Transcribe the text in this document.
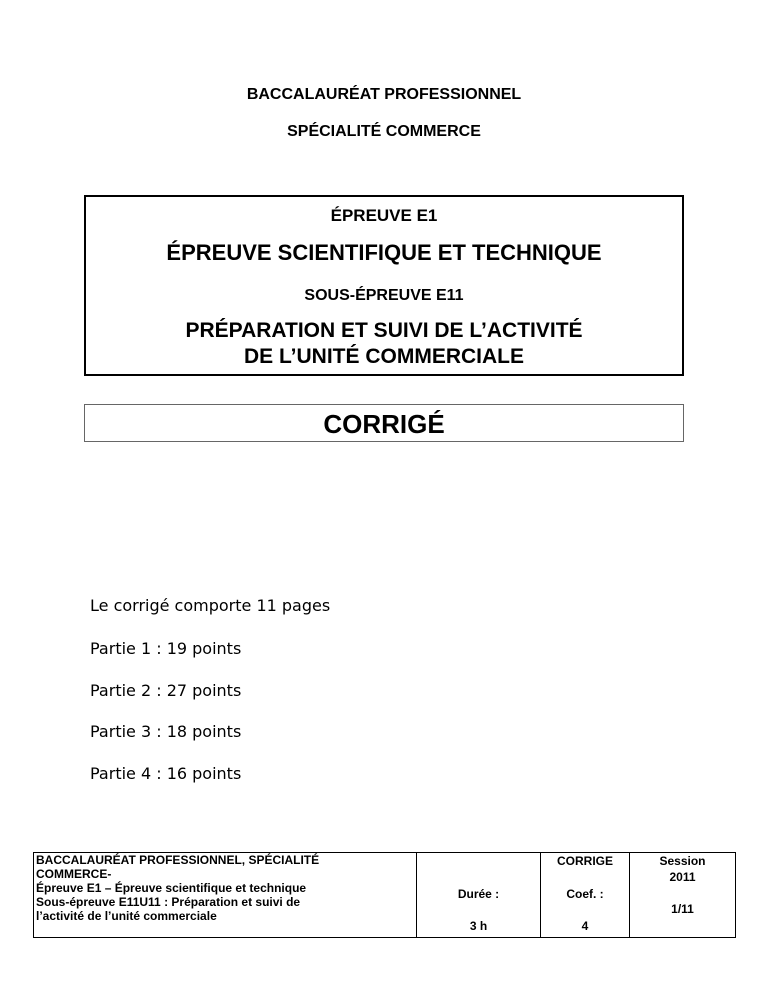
BACCALAURÉAT PROFESSIONNEL
SPÉCIALITÉ COMMERCE
ÉPREUVE E1
ÉPREUVE SCIENTIFIQUE ET TECHNIQUE
SOUS-ÉPREUVE E11
PRÉPARATION ET SUIVI DE L’ACTIVITÉ
DE L’UNITÉ COMMERCIALE
CORRIGÉ
Le corrigé comporte 11 pages
Partie 1 : 19 points
Partie 2 : 27 points
Partie 3 : 18 points
Partie 4 : 16 points
BACCALAURÉAT PROFESSIONNEL, SPÉCIALITÉ
COMMERCE-
Épreuve E1 – Épreuve scientifique et technique
Sous-épreuve E11U11 : Préparation et suivi de
l’activité de l’unité commerciale

Durée :
3 h

CORRIGE
Coef. :
4

Session
2011
1/11
